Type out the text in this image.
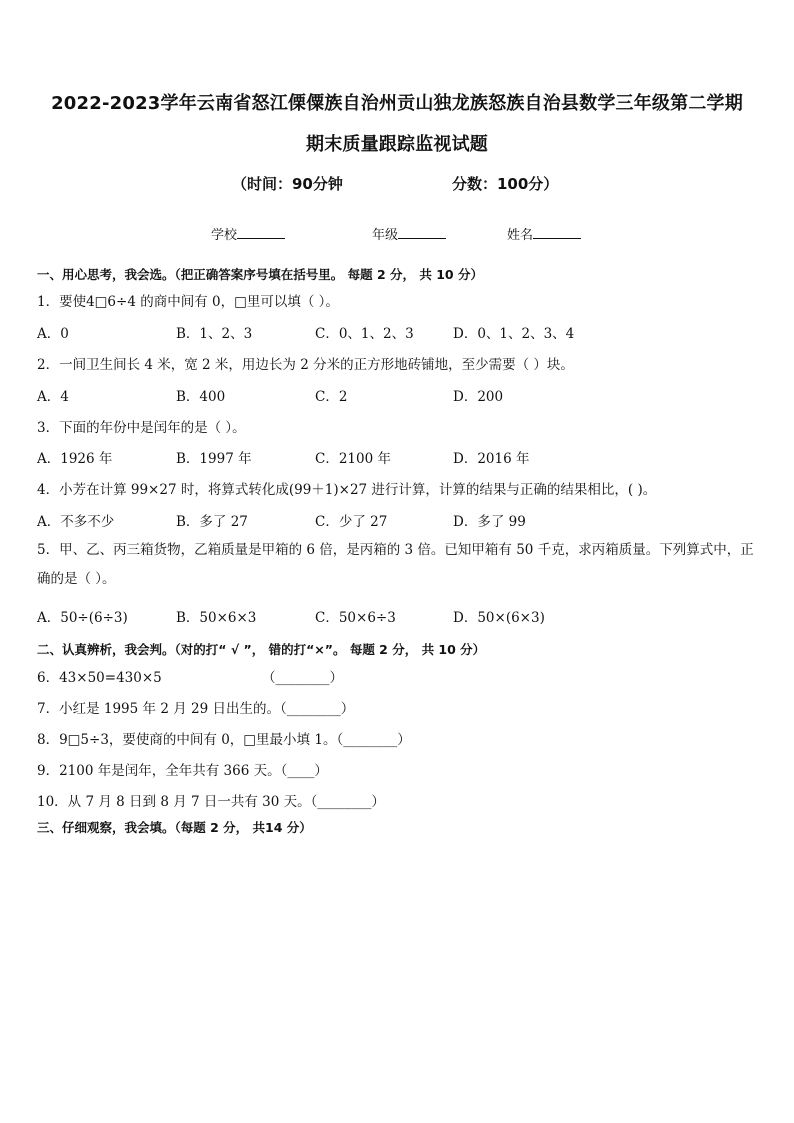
2022-2023学年云南省怒江傈僳族自治州贡山独龙族怒族自治县数学三年级第二学期
期末质量跟踪监视试题
（时间：90分钟	分数：100分）
学校	年级	姓名
一、用心思考，我会选。（把正确答案序号填在括号里。 每题 2 分， 共 10 分）
1．要使4□6÷4 的商中间有 0，□里可以填（ ）。
A．0	B．1、2、3	C．0、1、2、3	D．0、1、2、3、4
2．一间卫生间长 4 米，宽 2 米，用边长为 2 分米的正方形地砖铺地，至少需要（ ）块。
A．4	B．400	C．2	D．200
3．下面的年份中是闰年的是（ ）。
A．1926 年	B．1997 年	C．2100 年	D．2016 年
4．小芳在计算 99×27 时，将算式转化成(99＋1)×27 进行计算，计算的结果与正确的结果相比，( )。
A．不多不少	B．多了 27	C．少了 27	D．多了 99
5．甲、乙、丙三箱货物，乙箱质量是甲箱的 6 倍，是丙箱的 3 倍。已知甲箱有 50 千克，求丙箱质量。下列算式中，正确的是（ ）。
A．50÷(6÷3)	B．50×6×3	C．50×6÷3	D．50×(6×3)
二、认真辨析，我会判。（对的打“ √ ”， 错的打“×”。 每题 2 分， 共 10 分）
6．43×50=430×5	（________）
7．小红是 1995 年 2 月 29 日出生的。（________）
8．9□5÷3，要使商的中间有 0，□里最小填 1。（________）
9．2100 年是闰年，全年共有 366 天。（____）
10．从 7 月 8 日到 8 月 7 日一共有 30 天。（________）
三、仔细观察，我会填。（每题 2 分， 共14 分）
